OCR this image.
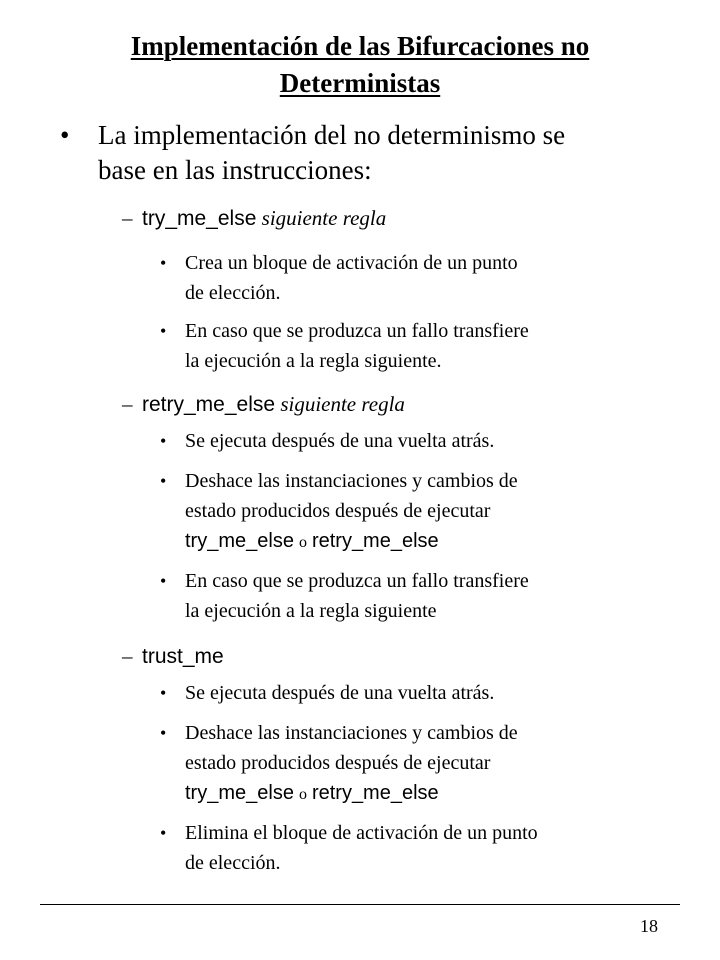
Implementación de las Bifurcaciones no
Deterministas
• La implementación del no determinismo se
base en las instrucciones:
– try_me_else siguiente regla
• Crea un bloque de activación de un punto
de elección.
• En caso que se produzca un fallo transfiere
la ejecución a la regla siguiente.
– retry_me_else siguiente regla
• Se ejecuta después de una vuelta atrás.
• Deshace las instanciaciones y cambios de
estado producidos después de ejecutar
try_me_else o retry_me_else
• En caso que se produzca un fallo transfiere
la ejecución a la regla siguiente
– trust_me
• Se ejecuta después de una vuelta atrás.
• Deshace las instanciaciones y cambios de
estado producidos después de ejecutar
try_me_else o retry_me_else
• Elimina el bloque de activación de un punto
de elección.
18
